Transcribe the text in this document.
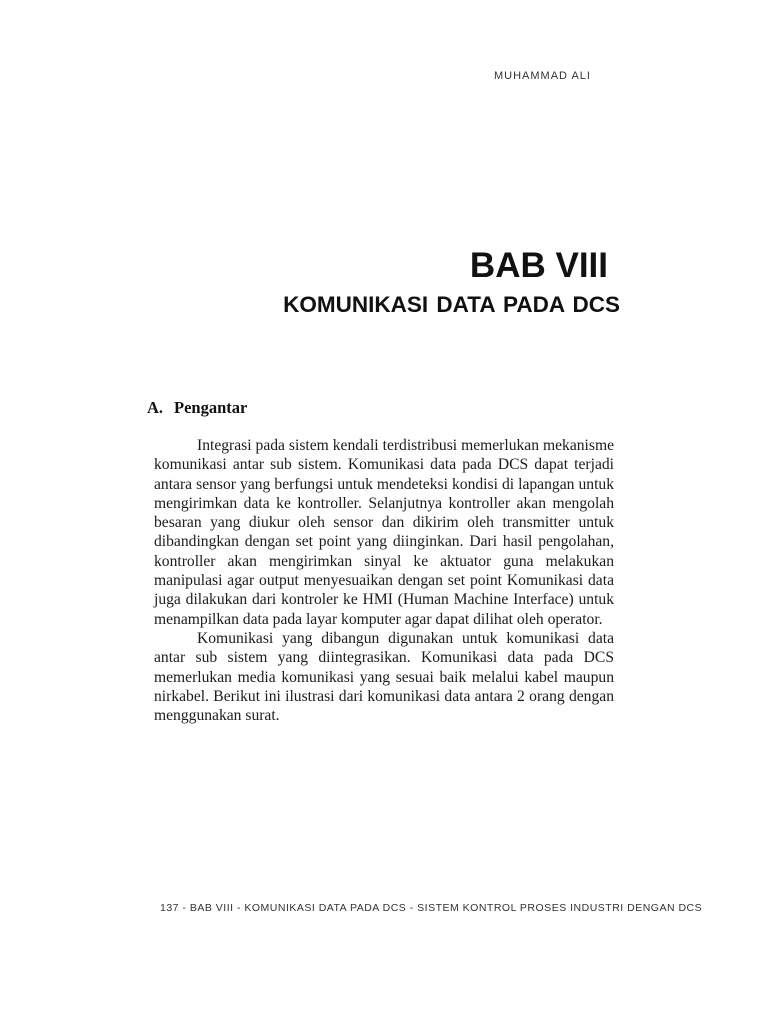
MUHAMMAD ALI
BAB VIII
KOMUNIKASI DATA PADA DCS
A. Pengantar

Integrasi pada sistem kendali terdistribusi memerlukan mekanisme komunikasi antar sub sistem. Komunikasi data pada DCS dapat terjadi antara sensor yang berfungsi untuk mendeteksi kondisi di lapangan untuk mengirimkan data ke kontroller. Selanjutnya kontroller akan mengolah besaran yang diukur oleh sensor dan dikirim oleh transmitter untuk dibandingkan dengan set point yang diinginkan. Dari hasil pengolahan, kontroller akan mengirimkan sinyal ke aktuator guna melakukan manipulasi agar output menyesuaikan dengan set point Komunikasi data juga dilakukan dari kontroler ke HMI (Human Machine Interface) untuk menampilkan data pada layar komputer agar dapat dilihat oleh operator.

Komunikasi yang dibangun digunakan untuk komunikasi data antar sub sistem yang diintegrasikan. Komunikasi data pada DCS memerlukan media komunikasi yang sesuai baik melalui kabel maupun nirkabel. Berikut ini ilustrasi dari komunikasi data antara 2 orang dengan menggunakan surat.

137 - BAB VIII - KOMUNIKASI DATA PADA DCS - SISTEM KONTROL PROSES INDUSTRI DENGAN DCS
